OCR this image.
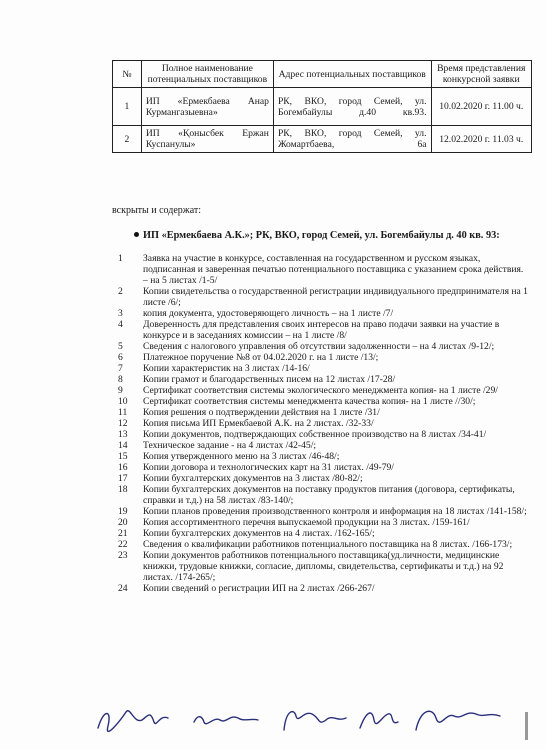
№	Полное наименование потенциальных поставщиков	Адрес потенциальных поставщиков	Время представления конкурсной заявки
1	ИП «Ермекбаева Анар Курмангазыевна»	РК, ВКО, город Семей, ул. Богембайулы д.40 кв.93.	10.02.2020 г. 11.00 ч.
2	ИП «Қонысбек Ержан Куспанулы»	РК, ВКО, город Семей, ул. Жомартбаева, 6а	12.02.2020 г. 11.03 ч.
вскрыты и содержат:
ИП «Ермекбаева А.К.»; РК, ВКО, город Семей, ул. Богембайулы д. 40 кв. 93:
1	Заявка на участие в конкурсе, составленная на государственном и русском языках, подписанная и заверенная печатью потенциального поставщика с указанием срока действия. – на 5 листах /1-5/
2	Копии свидетельства о государственной регистрации индивидуального предпринимателя на 1 листе /6/;
3	копия документа, удостоверяющего личность – на 1 листе /7/
4	Доверенность для представления своих интересов на право подачи заявки на участие в конкурсе и в заседаниях комиссии – на 1 листе /8/
5	Сведения с налогового управления об отсутствии задолженности – на 4 листах /9-12/;
6	Платежное поручение №8 от 04.02.2020 г. на 1 листе /13/;
7	Копии характеристик на 3 листах /14-16/
8	Копии грамот и благодарственных писем на 12 листах /17-28/
9	Сертификат соответствия системы экологического менеджмента копия- на 1 листе /29/
10	Сертификат соответствия системы менеджмента качества копия- на 1 листе //30/;
11	Копия решения о подтверждении действия на 1 листе /31/
12	Копия письма ИП Ермекбаевой А.К. на 2 листах. /32-33/
13	Копии документов, подтверждающих собственное производство на 8 листах /34-41/
14	Техническое задание - на 4 листах /42-45/;
15	Копия утвержденного меню на 3 листах /46-48/;
16	Копии договора и технологических карт на 31 листах. /49-79/
17	Копии бухгалтерских документов на 3 листах /80-82/;
18	Копии бухгалтерских документов на поставку продуктов питания (договора, сертификаты, справки и т.д.) на 58 листах /83-140/;
19	Копии планов проведения производственного контроля и информация на 18 листах /141-158/;
20	Копия ассортиментного перечня выпускаемой продукции на 3 листах. /159-161/
21	Копии бухгалтерских документов на 4 листах. /162-165/;
22	Сведения о квалификации работников потенциального поставщика на 8 листах. /166-173/;
23	Копии документов работников потенциального поставщика(уд.личности, медицинские книжки, трудовые книжки, согласие, дипломы, свидетельства, сертификаты и т.д.) на 92 листах. /174-265/;
24	Копии сведений о регистрации ИП на 2 листах /266-267/
